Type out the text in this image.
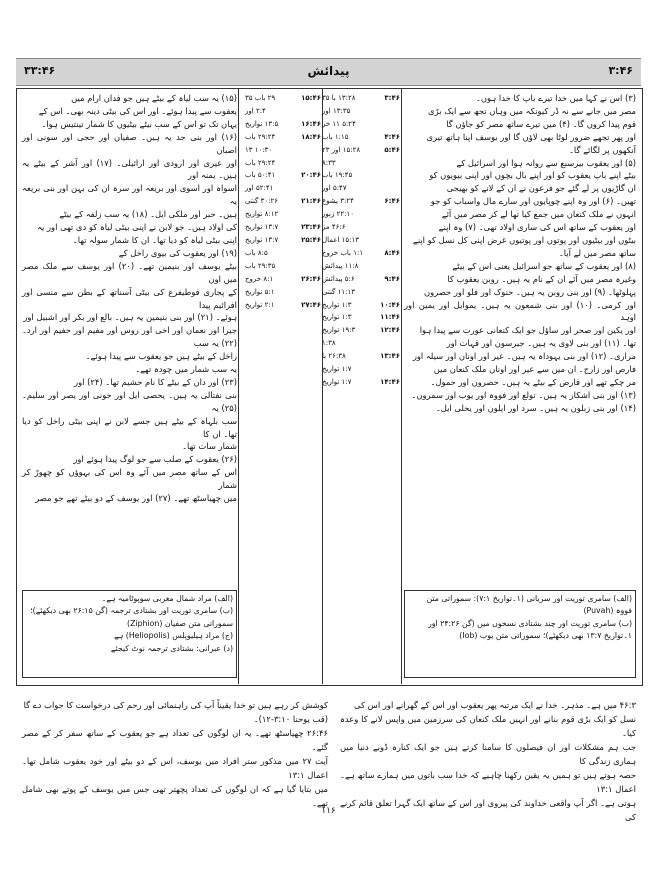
۳۳:۴۶	پیدائش	۳:۴۶

(۳) اس نے کہا میں خدا تیرے باپ کا خدا ہوں۔

مصر میں جانے سے نہ ڈر کیونکہ میں وہاں تجھ سے ایک بڑی

قوم پیدا کروں گا۔ (۴) میں تیرے ساتھ مصر کو جاؤں گا

اور پھر تجھے ضرور لوٹا بھی لاؤں گا اور یوسف اپنا ہاتھ تیری

آنکھوں پر لگائے گا۔

(۵) اور یعقوب بیرسبع سے روانہ ہوا اور اسرائیل کے

بیٹے اپنے باپ یعقوب کو اور اپنے بال بچوں اور اپنی بیویوں کو

ان گاڑیوں پر لے گئے جو فرعون نے ان کے لانے کو بھیجی

تھیں۔ (۶) اور وہ اپنے چوپایوں اور سارے مال واسباب کو جو

انہوں نے ملک کنعان میں جمع کیا تھا لے کر مصر میں آئے

اور یعقوب کے ساتھ اس کی ساری اولاد تھی۔ (۷) وہ اپنے

بیٹوں اور بیٹیوں اور پوتوں اور پوتیوں غرض اپنی کل نسل کو اپنے

ساتھ مصر میں لے آیا۔

(۸) اور یعقوب کے ساتھ جو اسرائیل یعنی اس کے بیٹے

وغیرہ مصر میں آئے ان کے نام یہ ہیں۔ روبن یعقوب کا

پہلوٹھا۔ (۹) اور بنی روبن یہ ہیں۔ حنوک اور فلو اور حصرون

اور کرمی۔ (۱۰) اور بنی شمعون یہ ہیں۔ یموایل اور یمین اور اوہد

اور یکین اور صحر اور ساؤل جو ایک کنعانی عورت سے پیدا ہوا

تھا۔ (۱۱) اور بنی لاوی یہ ہیں۔ جیرسون اور قہات اور

مراری۔ (۱۲) اور بنی یہوداہ یہ ہیں۔ عیر اور اونان اور سیلہ اور

فارص اور زارح۔ ان میں سے عیر اور اونان ملک کنعان میں

مر چکے تھے اور فارص کے بیٹے یہ ہیں۔ حصرون اور حمول۔

(۱۳) اور بنی اشکار یہ ہیں۔ تولع اور فووہ اور یوب اور سمرون۔

(۱۴) اور بنی زبلون یہ ہیں۔ سرد اور ایلون اور یحلی ایل۔

۳:۴۶
۱۳:۲۸ با ۳۵
۱۳:۳۵ اور
۵:۲۴ ۱۱ خر
۴:۴۶
۱:۱۵ باب
۵:۴۶
۱۵:۲۸ اور ۲۳
۸:۳۳
۱۹:۴۵ باب
۵:۴۷ اور
۶:۴۶
۳:۲۴ یشوع
۲۲:۱۰ زبور
۴۶:۶ مز
۱۵:۱۳ اعمال
۸:۴۶
۱:۱ باب خروج
۱۱:۸ پیدائش
۹:۴۶
۵:۶ پیدائش
۱۱:۱۳ گنتی
۱۰:۴۶
۱:۳ تواریخ
۱۱:۴۶
۱:۳ تواریخ
۱۲:۴۶
۱۹:۳ تواریخ
۱:۳۸
۱۳:۴۶
۲۶:۳۸ با
۱:۷ تواریخ
۱۴:۴۶
۱:۷ تواریخ
۱۵:۴۶
۲۹ باب ۳۵
۲:۴ اور
۱۶:۴۶
۱۳:۵ تواریخ
۱۸:۴۶
۲۹:۲۴ باب
۱۰:۳۰ ۱۳
۲۹:۲۴ باب
۲۰:۴۶
۵۰:۴۱ باب
۵۲:۴۱ اور
۲۱:۴۶
۳۰:۲۶ گنتی
۸:۱۲ تواریخ
۲۳:۴۶
۱۳:۷ تواریخ
۲۵:۴۶
۱۳:۷ تواریخ
۸:۵ باب
۲۹:۳۵ باب
۲۶:۴۶
۸:۱ خروج
۵:۱ تواریخ
۲۷:۴۶
۲:۱ تواریخ

(۱۵) یہ سب لیاہ کے بیٹے ہیں جو فدان ارام میں

یعقوب سے پیدا ہوئے۔ اور اس کی بیٹی دینہ بھی۔ اس کے

یہاں تک تو اس کے سب بیٹے بیٹیوں کا شمار تینتیس ہوا۔

(۱۶) اور بنی جد یہ ہیں۔ صفیان اور حجی اور سونی اور اصبان

اور عیری اور ارودی اور ارائیلی۔ (۱۷) اور آشر کے بیٹے یہ ہیں۔ یمنہ اور

اسواہ اور اسوی اور بریعہ اور سرہ ان کی بہن اور بنی بریعہ یہ

ہیں۔ حبر اور ملکی ایل۔ (۱۸) یہ سب زلفہ کے بیٹے

کی اولاد ہیں۔ جو لابن نے اپنی بیٹی لیاہ کو دی تھی اور یہ

اپنی بیٹی لیاہ کو دیا تھا۔ ان کا شمار سولہ تھا۔

(۱۹) اور یعقوب کی بیوی راخل کے

بیٹے یوسف اور بنیمین تھے۔ (۲۰) اور یوسف سے ملک مصر میں اون

کے پجاری فوطیفرع کی بیٹی آسناتھ کے بطن سے منسی اور افرائیم پیدا

ہوئے۔ (۲۱) اور بنی بنیمین یہ ہیں۔ بالع اور بکر اور اشبیل اور

جیرا اور نعمان اور اخی اور روس اور مفیم اور حفیم اور ارد۔ (۲۲) یہ سب

راخل کے بیٹے ہیں جو یعقوب سے پیدا ہوئے۔

یہ سب شمار میں چودہ تھے۔

(۲۳) اور دان کے بیٹے کا نام حشیم تھا۔ (۲۴) اور

بنی نفتالی یہ ہیں۔ یحصی ایل اور جونی اور یصر اور سلیم۔ (۲۵) یہ

سب بلہاہ کے بیٹے ہیں جسے لابن نے اپنی بیٹی راخل کو دیا تھا۔ ان کا

شمار سات تھا۔

(۲۶) یعقوب کے صلب سے جو لوگ پیدا ہوئے اور

اس کے ساتھ مصر میں آئے وہ اس کی بہوؤں کو چھوڑ کر شمار

میں چھیاسٹھ تھے۔ (۲۷) اور یوسف کے دو بیٹے تھے جو مصر

(الف) سامری توریت اور سریانی (۱۔تواریخ ۷:۱): سموراتی متن

فووہ (Puvah)

(ب) سامری توریت اور چند بشتادی نسخوں میں (گن ۲۴:۲۶ اور

۱۔تواریخ ۱۳:۷ بھی دیکھئے)؛ سموراتی متن یوب (Iob)

(الف) مراد شمال مغربی سوپوٹامیہ ہے۔

(ب) سامری توریت اور بشتادی ترجمہ (گن ۲۶:۱۵ بھی دیکھئے)؛

سموراتی متن صفیان (Ziphion)

(ج) مراد ہیلیوپلس (Heliopolis) ہے

(د) عبرانی: بشتادی ترجمہ نوٹ کیجئے

۴۶:۳ میں ہے۔ مذہر۔ خدا نے ایک مرتبہ پھر یعقوب اور اس کے گھرانے اور اس کی

نسل کو ایک بڑی قوم بنانے اور انہیں ملک کنعان کی سرزمین میں واپس لانے کا وعدہ کیا۔

جب ہم مشکلات اور ان فیصلوں کا سامنا کرتے ہیں جو ایک کنارہ ڈوبے دنیا میں ہماری زندگی کا

حصہ ہوتے ہیں تو ہمیں یہ یقین رکھنا چاہیے کہ خدا سب باتوں میں ہمارے ساتھ ہے۔ اعمال ۱۳:۱

ہوتی ہے۔ اگر آپ واقعی خداوند کی پیروی اور اس کے ساتھ ایک گہرا تعلق قائم کرنے کی

کوشش کر رہے ہیں تو خدا یقیناً آپ کی راہنمائی اور رحم کی درخواست کا جواب دے گا

(قب یوحنا ۳:۱۰-۱۲)۔

۲۶:۴۶ چھیاسٹھ تھے۔ یہ ان لوگوں کی تعداد ہے جو یعقوب کے ساتھ سفر کر کے مصر گئے۔

آیت ۲۷ میں مذکور ستر افراد میں یوسف، اس کے دو بیٹے اور خود یعقوب شامل تھا۔ اعمال ۱۳:۱

میں بتایا گیا ہے کہ ان لوگوں کی تعداد پچھتر تھی جس میں یوسف کے پوتے بھی شامل تھے۔

۱۱۶
